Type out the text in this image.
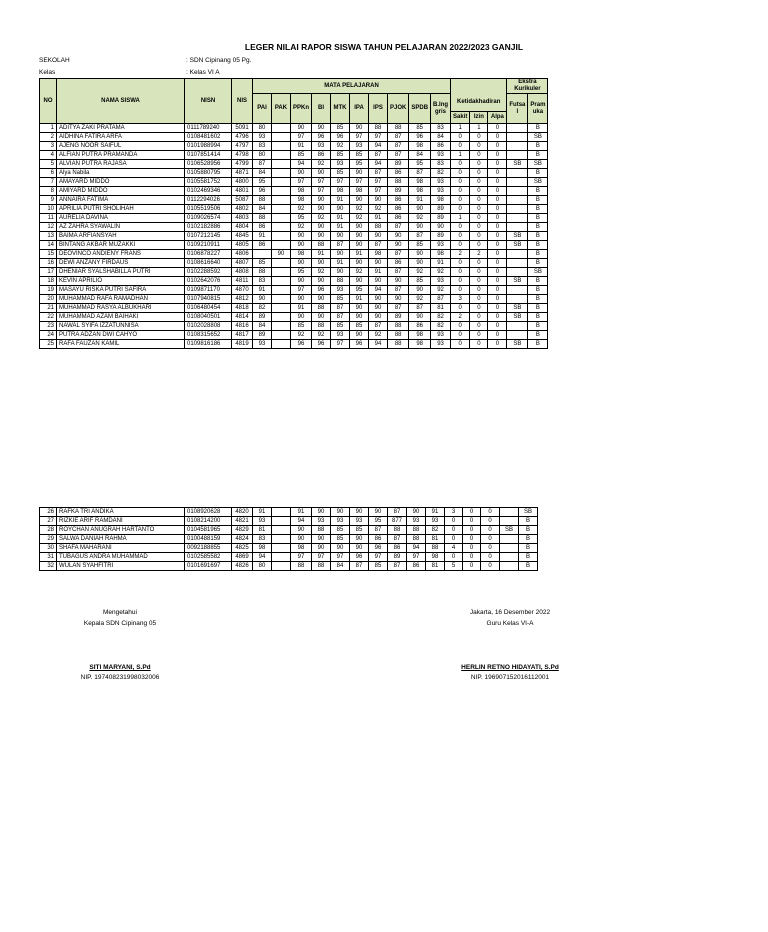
LEGER NILAI RAPOR SISWA TAHUN PELAJARAN 2022/2023 GANJIL
SEKOLAH	: SDN Cipinang 05 Pg.
Kelas	: Kelas VI A
NO	NAMA SISWA	NISN	NIS	MATA PELAJARAN													Ekstra Kurikuler	
				PAI	PAK	PPKn	BI	MTK	IPA	IPS	PJOK	SPDB	B.Ing gris	Ketidakhadiran			Futsa l	Pram uka
														Sakit	Izin	Alpa		
1	ADITYA ZAKI PRATAMA	0111789240	5091	80		90	90	85	90	88	88	85	83	1	1	0		B
2	AIDHINA FATIRA ARFA	0108481602	4796	93		97	96	96	97	97	87	96	84	0	0	0		SB
3	AJENG NOOR SAIFUL	0101988994	4797	83		91	93	92	93	94	87	98	86	0	0	0		B
4	ALFIAN PUTRA PRAMANDA	0107851414	4798	80		85	86	85	85	87	87	84	93	1	0	0		B
5	ALVIAN PUTRA RAJASA	0106528956	4799	87		94	92	93	95	94	89	95	83	0	0	0	SB	SB
6	Alya Nabila	0105880795	4871	84		90	90	85	90	87	86	87	82	0	0	0		B
7	AMAYARD MIDDO	0105581752	4800	95		97	97	97	97	97	88	98	93	0	0	0		SB
8	AMIYARD MIDDO	0102469346	4801	96		98	97	98	98	97	89	98	93	0	0	0		B
9	ANNAIRA FATIMA	0112294026	5087	88		98	90	91	90	90	86	91	98	0	0	0		B
10	APRILIA PUTRI SHOLIHAH	0105519506	4802	84		92	90	90	92	92	86	90	89	0	0	0		B
11	AURELIA DAVINA	0109026574	4803	88		95	92	91	92	91	86	92	89	1	0	0		B
12	AZ ZAHRA SYAWALIN	0102182886	4804	86		92	90	91	90	88	87	90	90	0	0	0		B
13	BAIMA ARFIANSYAH	0107212145	4845	91		90	90	90	90	90	90	87	89	0	0	0	SB	B
14	BINTANG AKBAR MUZAKKI	0109210911	4805	86		90	88	87	90	87	90	85	93	0	0	0	SB	B
15	DEOVINCO ANDIENY FRANS	0106878227	4806		90	98	91	90	91	98	87	90	98	2	2	0		B
16	DEWI ANZANY FIRDAUS	0108616640	4807	85		90	90	91	90	90	86	90	91	0	0	0		B
17	DHENIAR SYALSHABILLA PUTRI	0102288592	4808	88		95	92	90	92	91	87	92	92	0	0	0		SB
18	KEVIN APRILIO	0102642076	4811	83		90	90	88	90	90	90	85	93	0	0	0	SB	B
19	MASAYU RISKA PUTRI SAFIRA	0109871170	4870	91		97	96	93	95	94	87	90	92	0	0	0		B
20	MUHAMMAD RAFA RAMADHAN	0107940815	4812	90		90	90	85	91	90	90	92	87	3	0	0		B
21	MUHAMMAD RASYA ALBUKHARI	0106480454	4818	82		91	88	87	90	90	87	87	81	0	0	0	SB	B
22	MUHAMMAD AZAM BAIHAKI	0108040501	4814	89		90	90	87	90	90	89	90	82	2	0	0	SB	B
23	NAWAL SYIFA IZZATUNNISA	0102028808	4816	84		85	88	85	85	87	88	86	82	0	0	0		B
24	PUTRA ADZAN DWI CAHYO	0108315652	4817	89		92	92	93	90	92	88	98	93	0	0	0		B
25	RAFA FAUZAN KAMIL	0109816186	4819	93		96	96	97	96	94	88	98	93	0	0	0	SB	B
26	RAFKA TRI ANDIKA	0108920628	4820	91		91	90	90	90	90	87	90	91	3	0	0		SB
27	RIZKIE ARIF RAMDANI	0108214200	4821	93		94	93	93	93	95	877	93	93	0	0	0		B
28	ROYCHAN ANUGRAH HARTANTO	0104581965	4829	81		90	88	85	85	87	88	88	82	0	0	0	SB	B
29	SALWA DANIAH RAHMA	0100488159	4824	83		90	90	85	90	86	87	88	81	0	0	0		B
30	SHAFA MAHARANI	0092188855	4825	98		98	90	90	90	96	86	94	88	4	0	0		B
31	TUBAGUS ANDRA MUHAMMAD	0102585582	4869	94		97	97	97	96	97	89	97	98	0	0	0		B
32	WULAN SYAHFITRI	0101691697	4826	80		88	88	84	87	85	87	86	81	5	0	0		B
Mengetahui
Kepala SDN Cipinang 05
SITI MARYANI, S.Pd
NIP. 197408231998032006
Jakarta, 16 Desember 2022
Guru Kelas VI-A
HERLIN RETNO HIDAYATI, S.Pd
NIP. 196907152016112001
